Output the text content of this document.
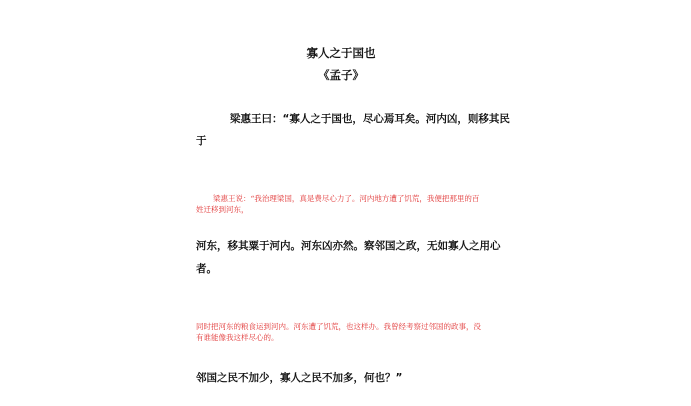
寡人之于国也
《孟子》
梁惠王曰：“寡人之于国也，尽心焉耳矣。河内凶，则移其民
于
梁惠王说：“我治理梁国，真是费尽心力了。河内地方遭了饥荒，我便把那里的百姓迁移到河东，
河东，移其粟于河内。河东凶亦然。察邻国之政，无如寡人之用心
者。
同时把河东的粮食运到河内。河东遭了饥荒，也这样办。我曾经考察过邻国的政事，没有谁能像我这样尽心的。
邻国之民不加少，寡人之民不加多，何也？”
